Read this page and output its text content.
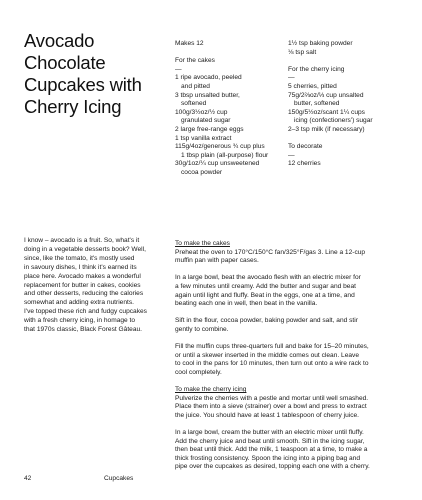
Avocado
Chocolate
Cupcakes with
Cherry Icing
Makes 12
For the cakes
—
1 ripe avocado, peeled
and pitted
3 tbsp unsalted butter,
softened
100g/3½oz/½ cup
granulated sugar
2 large free-range eggs
1 tsp vanilla extract
115g/4oz/generous ¾ cup plus
1 tbsp plain (all-purpose) flour
30g/1oz/¼ cup unsweetened
cocoa powder
1½ tsp baking powder
⅛ tsp salt
For the cherry icing
—
5 cherries, pitted
75g/2⅔oz/⅓ cup unsalted
butter, softened
150g/5½oz/scant 1¼ cups
icing (confectioners') sugar
2–3 tsp milk (if necessary)
To decorate
—
12 cherries
I know – avocado is a fruit. So, what's it
doing in a vegetable desserts book? Well,
since, like the tomato, it's mostly used
in savoury dishes, I think it's earned its
place here. Avocado makes a wonderful
replacement for butter in cakes, cookies
and other desserts, reducing the calories
somewhat and adding extra nutrients.
I've topped these rich and fudgy cupcakes
with a fresh cherry icing, in homage to
that 1970s classic, Black Forest Gâteau.
To make the cakes
Preheat the oven to 170°C/150°C fan/325°F/gas 3. Line a 12-cup
muffin pan with paper cases.
In a large bowl, beat the avocado flesh with an electric mixer for
a few minutes until creamy. Add the butter and sugar and beat
again until light and fluffy. Beat in the eggs, one at a time, and
beating each one in well, then beat in the vanilla.
Sift in the flour, cocoa powder, baking powder and salt, and stir
gently to combine.
Fill the muffin cups three-quarters full and bake for 15–20 minutes,
or until a skewer inserted in the middle comes out clean. Leave
to cool in the pans for 10 minutes, then turn out onto a wire rack to
cool completely.
To make the cherry icing
Pulverize the cherries with a pestle and mortar until well smashed.
Place them into a sieve (strainer) over a bowl and press to extract
the juice. You should have at least 1 tablespoon of cherry juice.
In a large bowl, cream the butter with an electric mixer until fluffy.
Add the cherry juice and beat until smooth. Sift in the icing sugar,
then beat until thick. Add the milk, 1 teaspoon at a time, to make a
thick frosting consistency. Spoon the icing into a piping bag and
pipe over the cupcakes as desired, topping each one with a cherry.
42	Cupcakes
